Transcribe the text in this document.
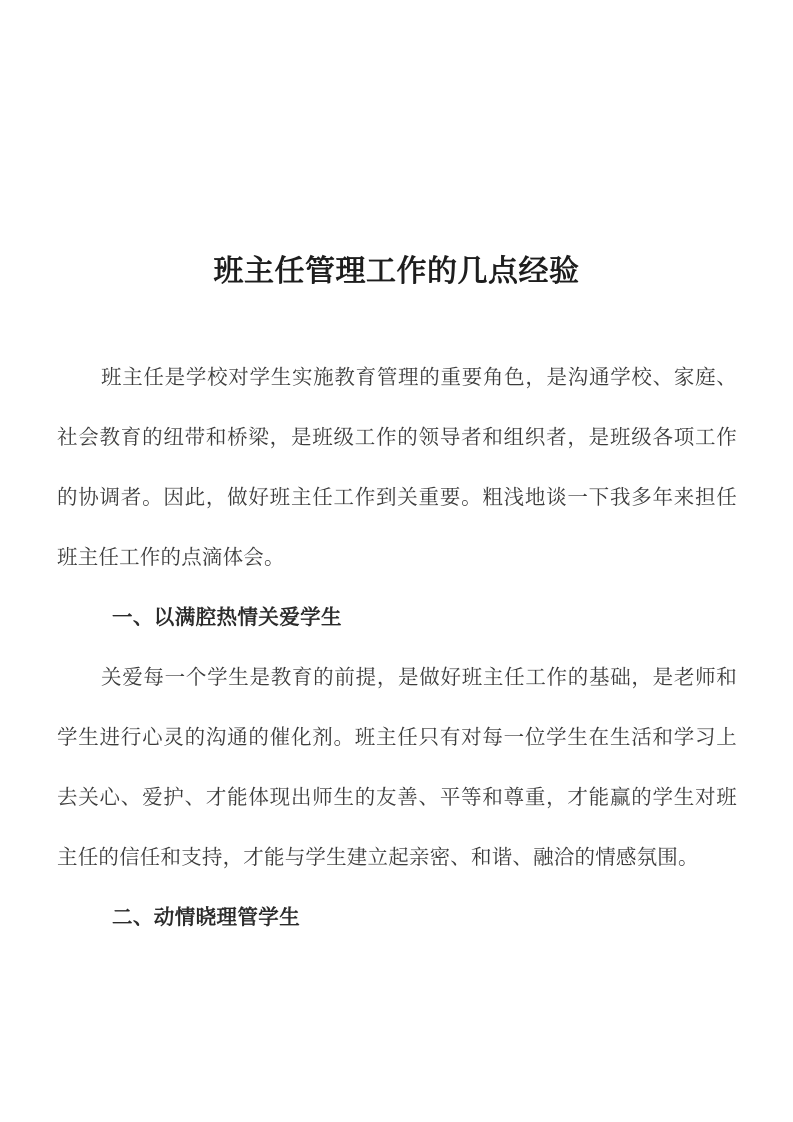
班主任管理工作的几点经验

班主任是学校对学生实施教育管理的重要角色，是沟通学校、家庭、社会教育的纽带和桥梁，是班级工作的领导者和组织者，是班级各项工作的协调者。因此，做好班主任工作到关重要。粗浅地谈一下我多年来担任班主任工作的点滴体会。

一、以满腔热情关爱学生

关爱每一个学生是教育的前提，是做好班主任工作的基础，是老师和学生进行心灵的沟通的催化剂。班主任只有对每一位学生在生活和学习上去关心、爱护、才能体现出师生的友善、平等和尊重，才能赢的学生对班主任的信任和支持，才能与学生建立起亲密、和谐、融洽的情感氛围。

二、动情晓理管学生
